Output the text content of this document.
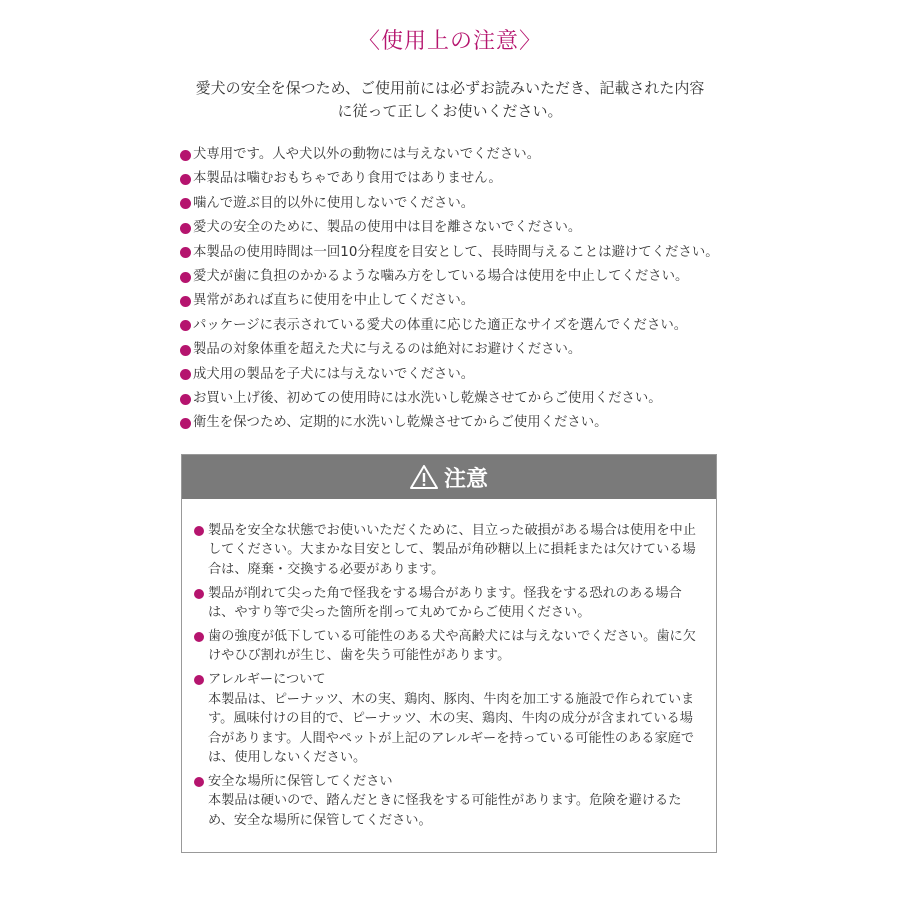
〈使用上の注意〉
愛犬の安全を保つため、ご使用前には必ずお読みいただき、記載された内容
に従って正しくお使いください。
犬専用です。人や犬以外の動物には与えないでください。
本製品は噛むおもちゃであり食用ではありません。
噛んで遊ぶ目的以外に使用しないでください。
愛犬の安全のために、製品の使用中は目を離さないでください。
本製品の使用時間は一回10分程度を目安として、長時間与えることは避けてください。
愛犬が歯に負担のかかるような噛み方をしている場合は使用を中止してください。
異常があれば直ちに使用を中止してください。
パッケージに表示されている愛犬の体重に応じた適正なサイズを選んでください。
製品の対象体重を超えた犬に与えるのは絶対にお避けください。
成犬用の製品を子犬には与えないでください。
お買い上げ後、初めての使用時には水洗いし乾燥させてからご使用ください。
衛生を保つため、定期的に水洗いし乾燥させてからご使用ください。
注意

製品を安全な状態でお使いいただくために、目立った破損がある場合は使用を中止

してください。大まかな目安として、製品が角砂糖以上に損耗または欠けている場

合は、廃棄・交換する必要があります。

製品が削れて尖った角で怪我をする場合があります。怪我をする恐れのある場合

は、やすり等で尖った箇所を削って丸めてからご使用ください。

歯の強度が低下している可能性のある犬や高齢犬には与えないでください。歯に欠

けやひび割れが生じ、歯を失う可能性があります。

アレルギーについて

本製品は、ピーナッツ、木の実、鶏肉、豚肉、牛肉を加工する施設で作られていま

す。風味付けの目的で、ピーナッツ、木の実、鶏肉、牛肉の成分が含まれている場

合があります。人間やペットが上記のアレルギーを持っている可能性のある家庭で

は、使用しないください。

安全な場所に保管してください

本製品は硬いので、踏んだときに怪我をする可能性があります。危険を避けるた

め、安全な場所に保管してください。
